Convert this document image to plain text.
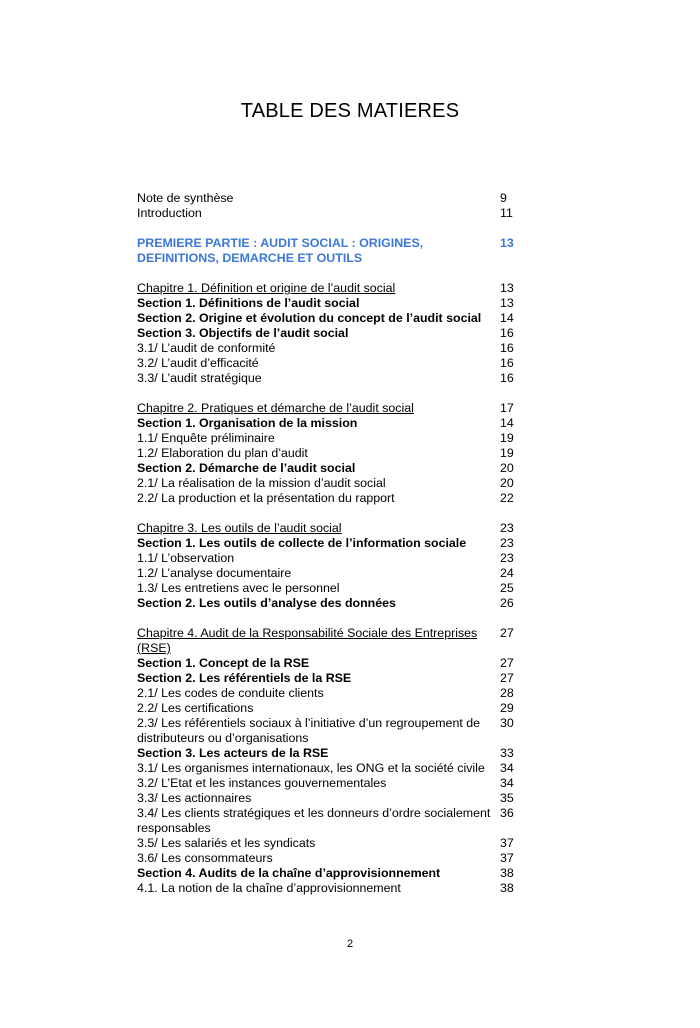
TABLE DES MATIERES
Note de synthèse	9
Introduction	11
PREMIERE PARTIE : AUDIT SOCIAL : ORIGINES, DEFINITIONS, DEMARCHE ET OUTILS
13
Chapitre 1. Définition et origine de l’audit social	13
Section 1. Définitions de l’audit social	13
Section 2. Origine et évolution du concept de l’audit social	14
Section 3. Objectifs de l’audit social	16
3.1/ L’audit de conformité	16
3.2/ L’audit d’efficacité	16
3.3/ L’audit stratégique	16
Chapitre 2. Pratiques et démarche de l’audit social	17
Section 1. Organisation de la mission	14
1.1/ Enquête préliminaire	19
1.2/ Elaboration du plan d’audit	19
Section 2. Démarche de l’audit social	20
2.1/ La réalisation de la mission d’audit social	20
2.2/ La production et la présentation du rapport	22
Chapitre 3. Les outils de l’audit social	23
Section 1. Les outils de collecte de l’information sociale	23
1.1/ L’observation	23
1.2/ L’analyse documentaire	24
1.3/ Les entretiens avec le personnel	25
Section 2. Les outils d’analyse des données	26
Chapitre 4. Audit de la Responsabilité Sociale des Entreprises (RSE)
27
Section 1. Concept de la RSE	27
Section 2. Les référentiels de la RSE	27
2.1/ Les codes de conduite clients	28
2.2/ Les certifications	29
2.3/ Les référentiels sociaux à l’initiative d’un regroupement de distributeurs ou d’organisations
30
Section 3. Les acteurs de la RSE	33
3.1/ Les organismes internationaux, les ONG et la société civile	34
3.2/ L’Etat et les instances gouvernementales	34
3.3/ Les actionnaires	35
3.4/ Les clients stratégiques et les donneurs d’ordre socialement responsables
36
3.5/ Les salariés et les syndicats	37
3.6/ Les consommateurs	37
Section 4. Audits de la chaîne d’approvisionnement	38
4.1. La notion de la chaîne d’approvisionnement	38
2
